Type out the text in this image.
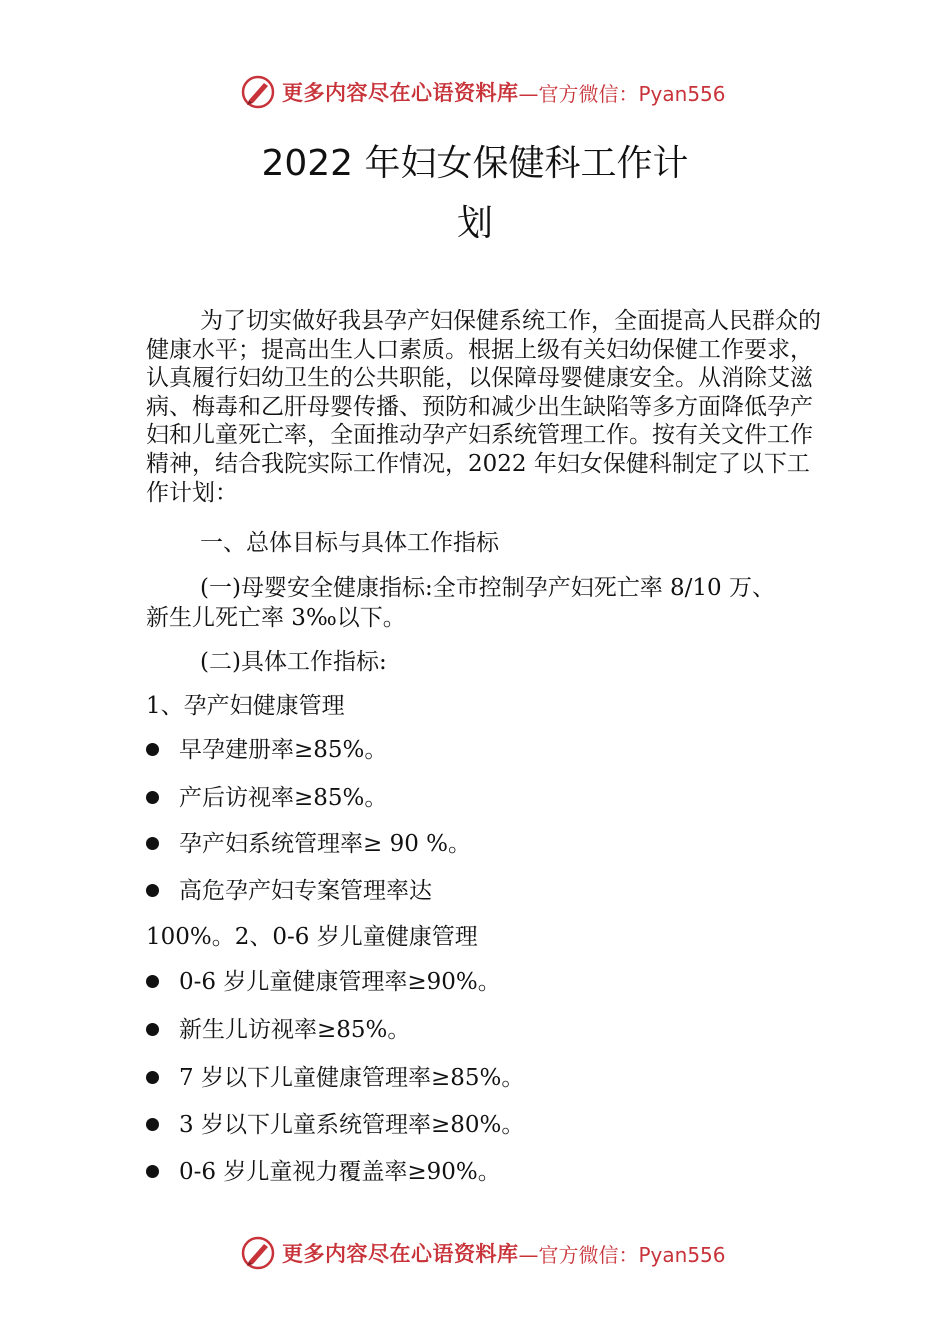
更多内容尽在心语资料库 —官方微信：Pyan556
2022 年妇女保健科工作计
划
为了切实做好我县孕产妇保健系统工作，全面提高人民群众的健康水平；提高出生人口素质。根据上级有关妇幼保健工作要求，认真履行妇幼卫生的公共职能，以保障母婴健康安全。从消除艾滋病、梅毒和乙肝母婴传播、预防和减少出生缺陷等多方面降低孕产妇和儿童死亡率，全面推动孕产妇系统管理工作。按有关文件工作精神，结合我院实际工作情况，2022 年妇女保健科制定了以下工作计划：
一、总体目标与具体工作指标
(一)母婴安全健康指标:全市控制孕产妇死亡率 8/10 万、
新生儿死亡率 3‰以下。
(二)具体工作指标:
1、孕产妇健康管理
早孕建册率≥85%。
产后访视率≥85%。
孕产妇系统管理率≥ 90 %。
高危孕产妇专案管理率达
100%。2、0-6 岁儿童健康管理
0-6 岁儿童健康管理率≥90%。
新生儿访视率≥85%。
7 岁以下儿童健康管理率≥85%。
3 岁以下儿童系统管理率≥80%。
0-6 岁儿童视力覆盖率≥90%。
更多内容尽在心语资料库 —官方微信：Pyan556
